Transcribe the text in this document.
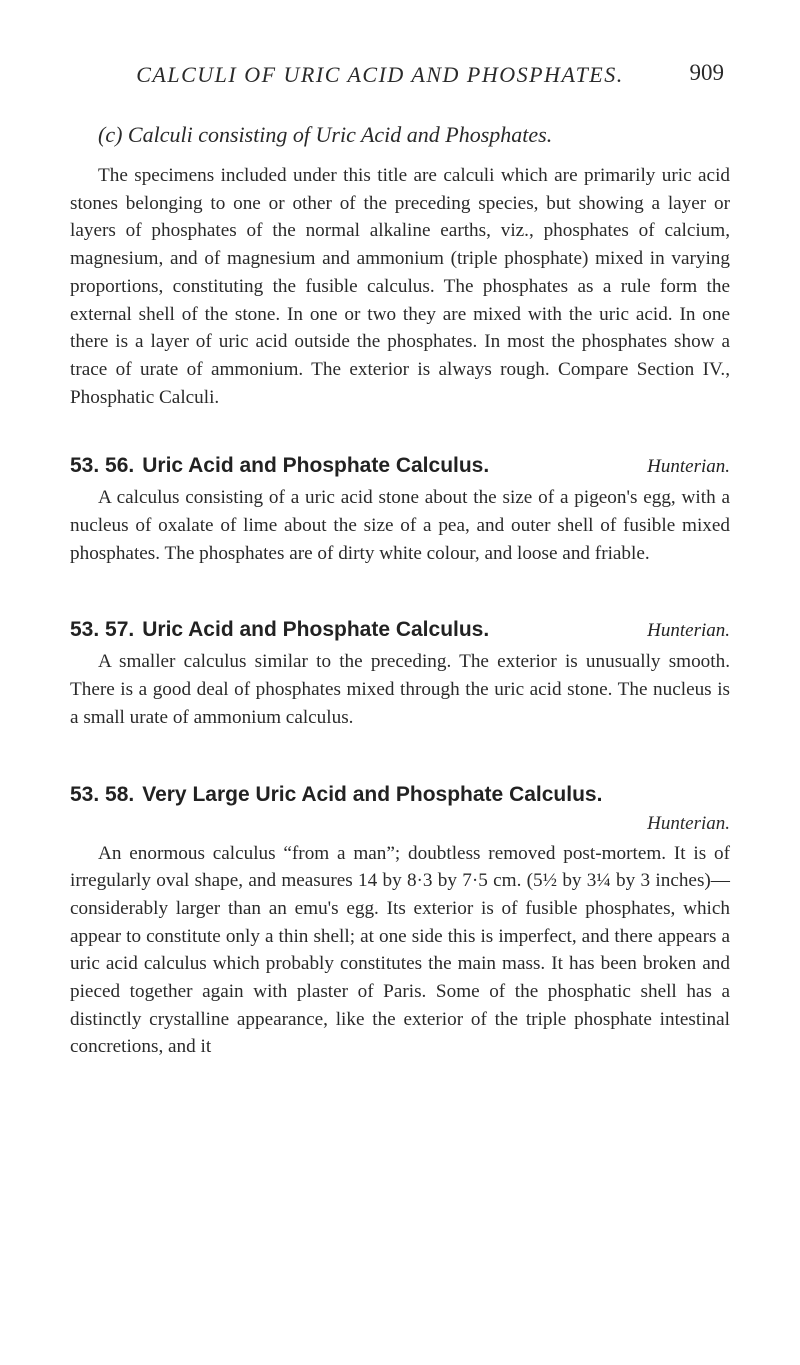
CALCULI OF URIC ACID AND PHOSPHATES.	909
(c) Calculi consisting of Uric Acid and Phosphates.

The specimens included under this title are calculi which are primarily uric acid stones belonging to one or other of the preceding species, but showing a layer or layers of phosphates of the normal alkaline earths, viz., phosphates of calcium, magnesium, and of magnesium and ammonium (triple phosphate) mixed in varying proportions, constituting the fusible calculus. The phosphates as a rule form the external shell of the stone. In one or two they are mixed with the uric acid. In one there is a layer of uric acid outside the phosphates. In most the phosphates show a trace of urate of ammonium. The exterior is always rough. Compare Section IV., Phosphatic Calculi.

53. 56. Uric Acid and Phosphate Calculus.	Hunterian.

A calculus consisting of a uric acid stone about the size of a pigeon's egg, with a nucleus of oxalate of lime about the size of a pea, and outer shell of fusible mixed phosphates. The phosphates are of dirty white colour, and loose and friable.

53. 57. Uric Acid and Phosphate Calculus.	Hunterian.

A smaller calculus similar to the preceding. The exterior is unusually smooth. There is a good deal of phosphates mixed through the uric acid stone. The nucleus is a small urate of ammonium calculus.

53. 58. Very Large Uric Acid and Phosphate Calculus.
Hunterian.

An enormous calculus “from a man”; doubtless removed post-mortem. It is of irregularly oval shape, and measures 14 by 8·3 by 7·5 cm. (5½ by 3¼ by 3 inches)—considerably larger than an emu's egg. Its exterior is of fusible phosphates, which appear to constitute only a thin shell; at one side this is imperfect, and there appears a uric acid calculus which probably constitutes the main mass. It has been broken and pieced together again with plaster of Paris. Some of the phosphatic shell has a distinctly crystalline appearance, like the exterior of the triple phosphate intestinal concretions, and it
